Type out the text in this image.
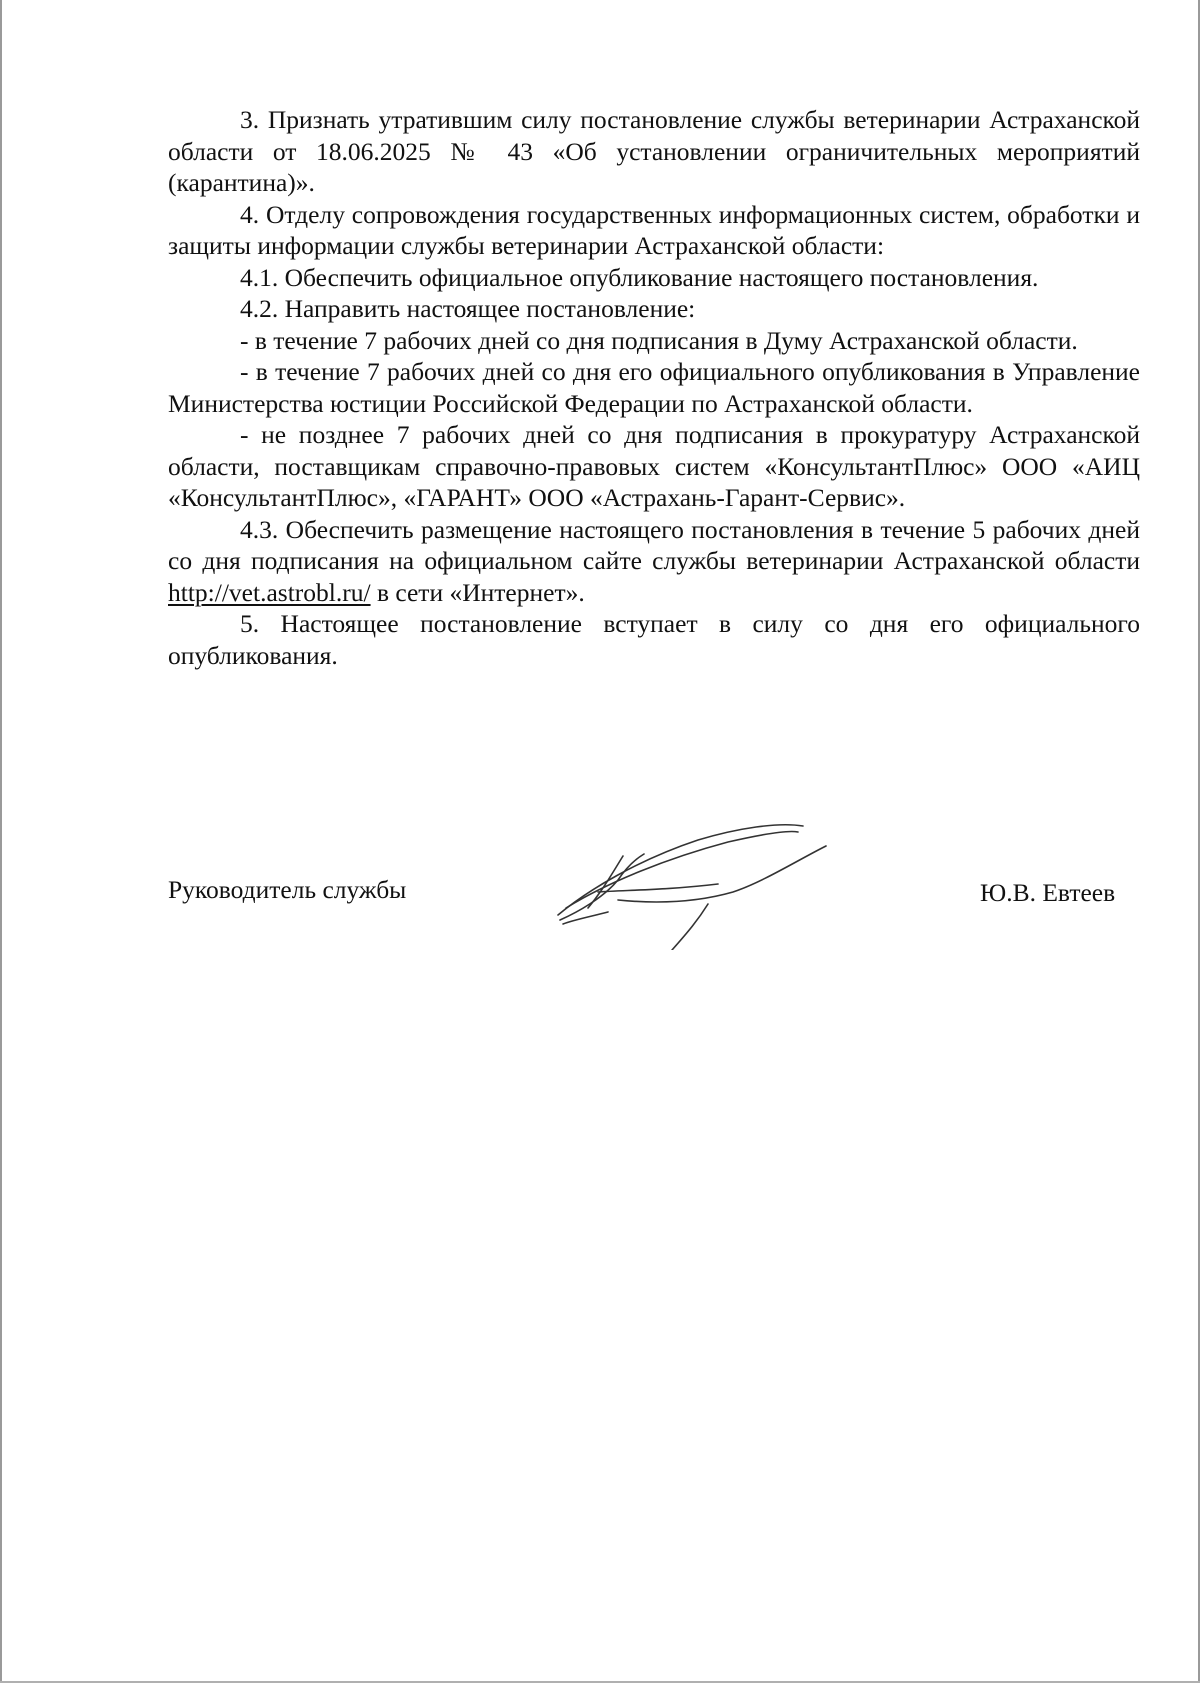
3. Признать утратившим силу постановление службы ветеринарии Астраханской области от 18.06.2025 № 43 «Об установлении ограничительных мероприятий (карантина)».

4. Отделу сопровождения государственных информационных систем, обработки и защиты информации службы ветеринарии Астраханской области:

4.1. Обеспечить официальное опубликование настоящего постановления.

4.2. Направить настоящее постановление:

- в течение 7 рабочих дней со дня подписания в Думу Астраханской области.

- в течение 7 рабочих дней со дня его официального опубликования в Управление Министерства юстиции Российской Федерации по Астраханской области.

- не позднее 7 рабочих дней со дня подписания в прокуратуру Астраханской области, поставщикам справочно-правовых систем «КонсультантПлюс» ООО «АИЦ «КонсультантПлюс», «ГАРАНТ» ООО «Астрахань-Гарант-Сервис».

4.3. Обеспечить размещение настоящего постановления в течение 5 рабочих дней со дня подписания на официальном сайте службы ветеринарии Астраханской области http://vet.astrobl.ru/ в сети «Интернет».

5. Настоящее постановление вступает в силу со дня его официального опубликования.

Руководитель службы	Ю.В. Евтеев
